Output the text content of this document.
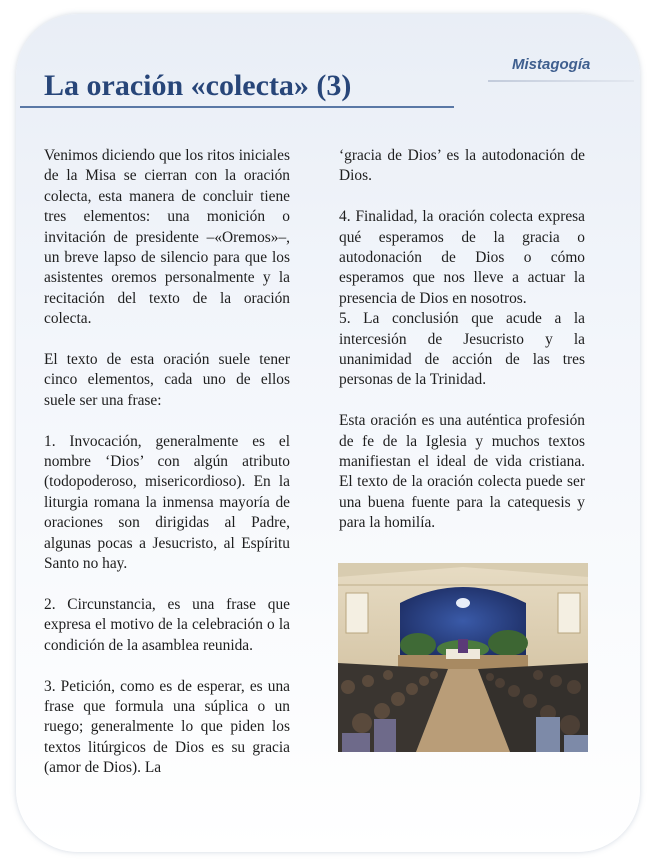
Mistagogía
La oración «colecta» (3)

Venimos diciendo que los ritos iniciales de la Misa se cierran con la oración colecta, esta manera de concluir tiene tres elementos: una monición o invitación de presidente –«Oremos»–, un breve lapso de silencio para que los asistentes oremos personalmente y la recitación del texto de la oración colecta.

El texto de esta oración suele tener cinco elementos, cada uno de ellos suele ser una frase:

1. Invocación, generalmente es el nombre ‘Dios’ con algún atributo (todopoderoso, misericordioso). En la liturgia romana la inmensa mayoría de oraciones son dirigidas al Padre, algunas pocas a Jesucristo, al Espíritu Santo no hay.

2. Circunstancia, es una frase que expresa el motivo de la celebración o la condición de la asamblea reunida.

3. Petición, como es de esperar, es una frase que formula una súplica o un ruego; generalmente lo que piden los textos litúrgicos de Dios es su gracia (amor de Dios). La

‘gracia de Dios’ es la autodonación de Dios.

4. Finalidad, la oración colecta expresa qué esperamos de la gracia o autodonación de Dios o cómo esperamos que nos lleve a actuar la presencia de Dios en nosotros.

5. La conclusión que acude a la intercesión de Jesucristo y la unanimidad de acción de las tres personas de la Trinidad.

Esta oración es una auténtica profesión de fe de la Iglesia y muchos textos manifiestan el ideal de vida cristiana. El texto de la oración colecta puede ser una buena fuente para la catequesis y para la homilía.
